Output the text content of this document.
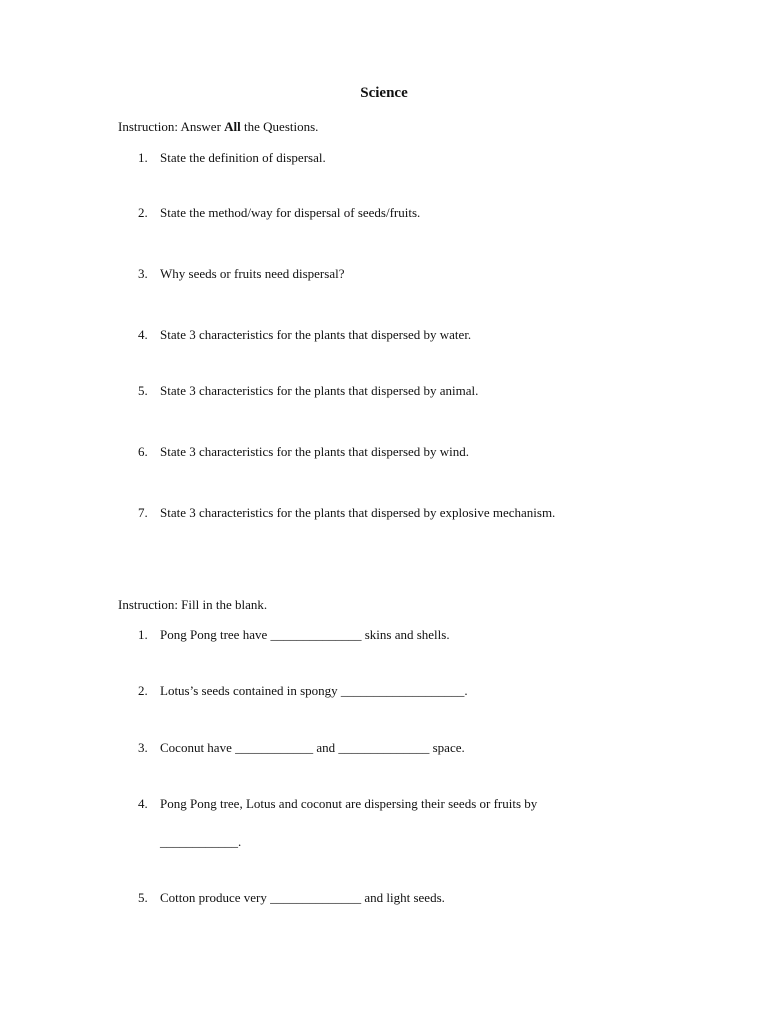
Science
Instruction: Answer All the Questions.
1. State the definition of dispersal.
2. State the method/way for dispersal of seeds/fruits.
3. Why seeds or fruits need dispersal?
4. State 3 characteristics for the plants that dispersed by water.
5. State 3 characteristics for the plants that dispersed by animal.
6. State 3 characteristics for the plants that dispersed by wind.
7. State 3 characteristics for the plants that dispersed by explosive mechanism.
Instruction: Fill in the blank.
1. Pong Pong tree have ______________ skins and shells.
2. Lotus’s seeds contained in spongy ___________________.
3. Coconut have ____________ and ______________ space.
4. Pong Pong tree, Lotus and coconut are dispersing their seeds or fruits by
____________.
5. Cotton produce very ______________ and light seeds.
